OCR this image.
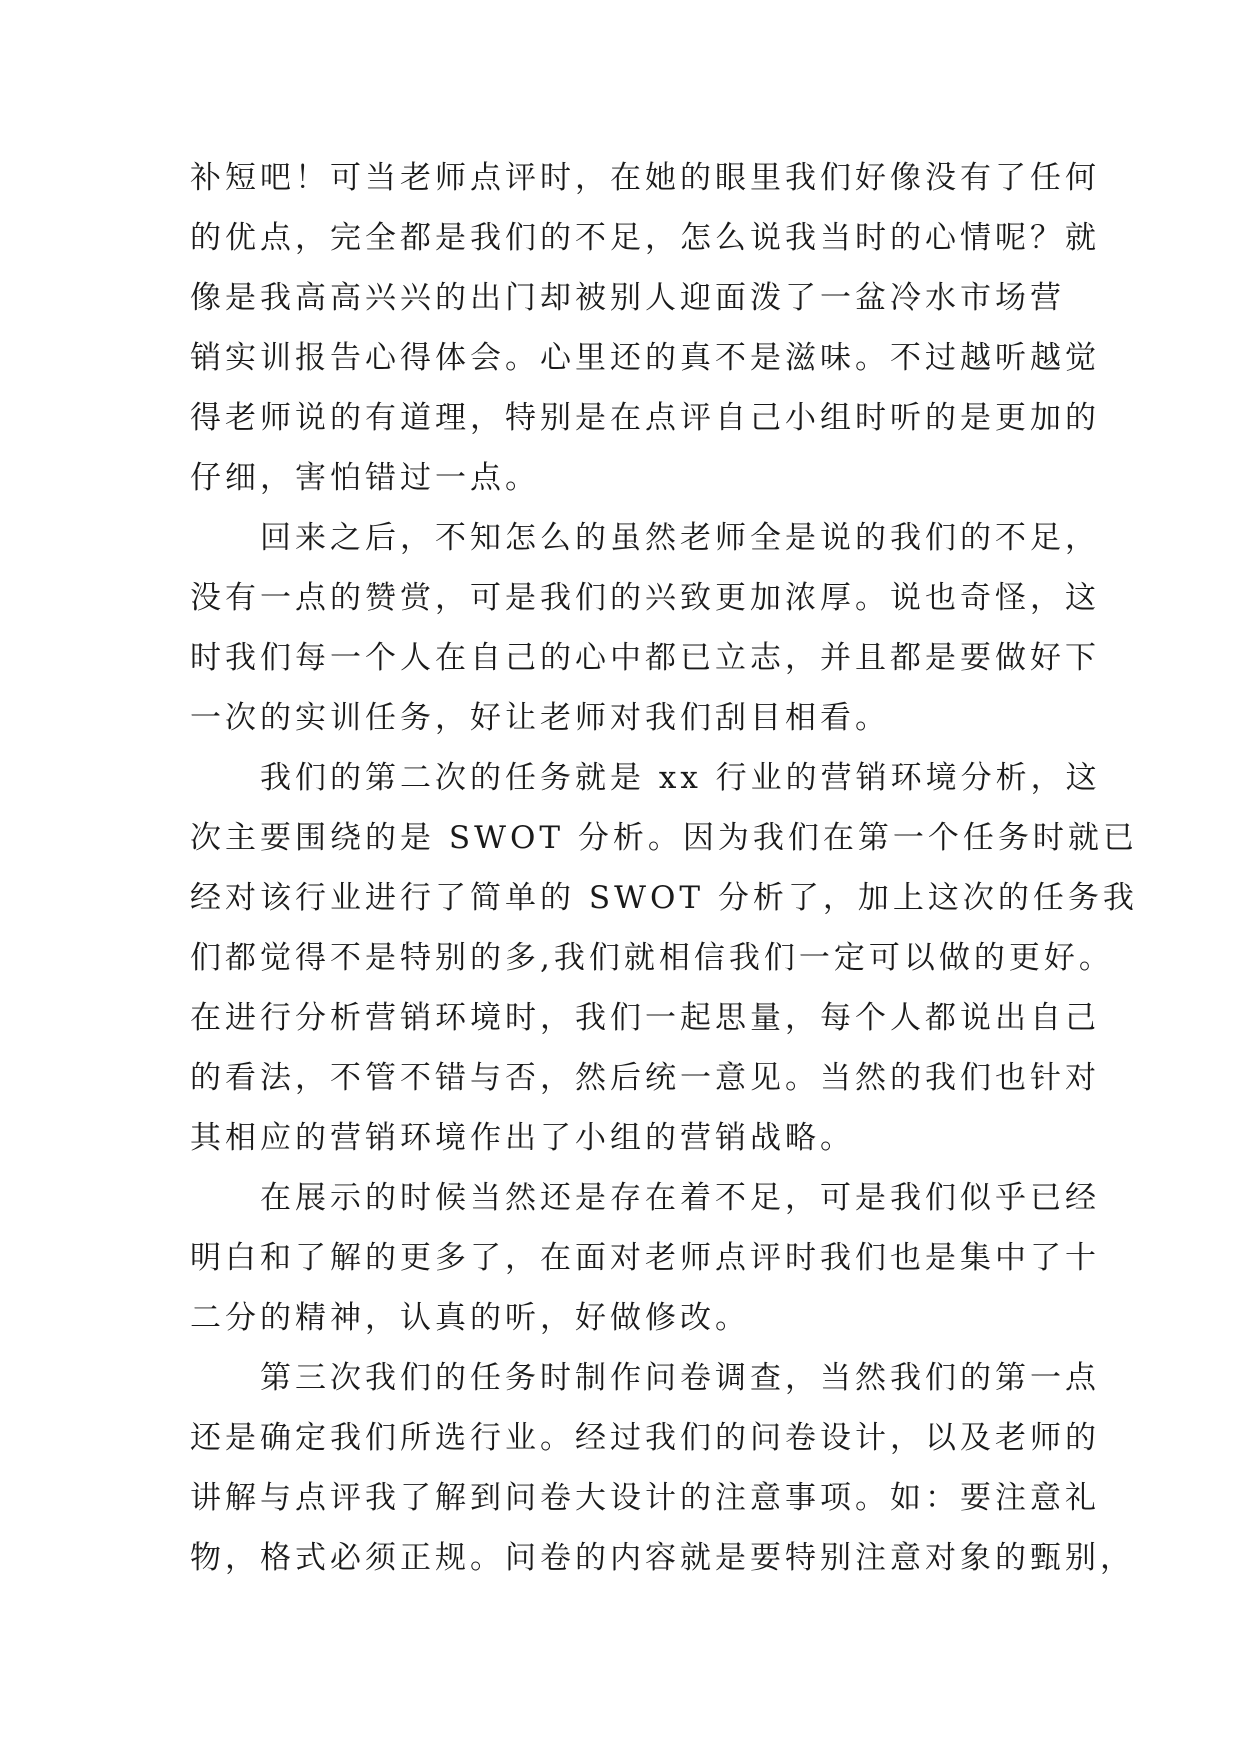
补短吧！可当老师点评时，在她的眼里我们好像没有了任何
的优点，完全都是我们的不足，怎么说我当时的心情呢？就
像是我高高兴兴的出门却被别人迎面泼了一盆冷水市场营
销实训报告心得体会。心里还的真不是滋味。不过越听越觉
得老师说的有道理，特别是在点评自己小组时听的是更加的
仔细，害怕错过一点。
回来之后，不知怎么的虽然老师全是说的我们的不足，
没有一点的赞赏，可是我们的兴致更加浓厚。说也奇怪，这
时我们每一个人在自己的心中都已立志，并且都是要做好下
一次的实训任务，好让老师对我们刮目相看。
我们的第二次的任务就是 xx 行业的营销环境分析，这
次主要围绕的是 SWOT 分析。因为我们在第一个任务时就已
经对该行业进行了简单的 SWOT 分析了，加上这次的任务我
们都觉得不是特别的多,我们就相信我们一定可以做的更好。
在进行分析营销环境时，我们一起思量，每个人都说出自己
的看法，不管不错与否，然后统一意见。当然的我们也针对
其相应的营销环境作出了小组的营销战略。
在展示的时候当然还是存在着不足，可是我们似乎已经
明白和了解的更多了，在面对老师点评时我们也是集中了十
二分的精神，认真的听，好做修改。
第三次我们的任务时制作问卷调查，当然我们的第一点
还是确定我们所选行业。经过我们的问卷设计，以及老师的
讲解与点评我了解到问卷大设计的注意事项。如：要注意礼
物，格式必须正规。问卷的内容就是要特别注意对象的甄别，
